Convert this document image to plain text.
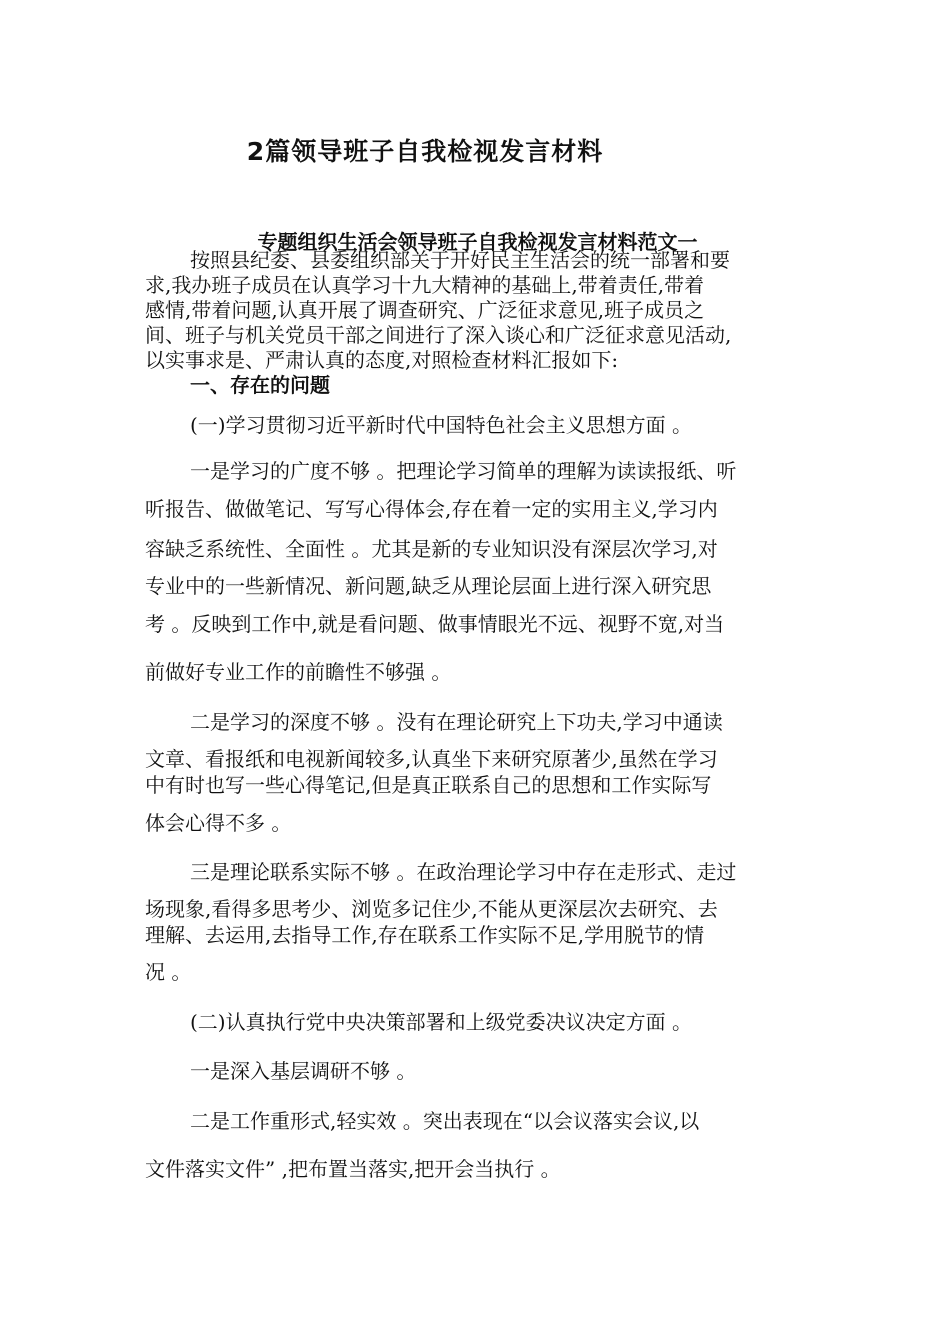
2篇领导班子自我检视发言材料
专题组织生活会领导班子自我检视发言材料范文一
按照县纪委、县委组织部关于开好民主生活会的统一部署和要
求,我办班子成员在认真学习十九大精神的基础上,带着责任,带着
感情,带着问题,认真开展了调查研究、广泛征求意见,班子成员之
间、班子与机关党员干部之间进行了深入谈心和广泛征求意见活动,
以实事求是、严肃认真的态度,对照检查材料汇报如下:
一、存在的问题
(一)学习贯彻习近平新时代中国特色社会主义思想方面 。
一是学习的广度不够 。把理论学习简单的理解为读读报纸、听
听报告、做做笔记、写写心得体会,存在着一定的实用主义,学习内
容缺乏系统性、全面性 。尤其是新的专业知识没有深层次学习,对
专业中的一些新情况、新问题,缺乏从理论层面上进行深入研究思
考 。反映到工作中,就是看问题、做事情眼光不远、视野不宽,对当
前做好专业工作的前瞻性不够强 。
二是学习的深度不够 。没有在理论研究上下功夫,学习中通读
文章、看报纸和电视新闻较多,认真坐下来研究原著少,虽然在学习
中有时也写一些心得笔记,但是真正联系自己的思想和工作实际写
体会心得不多 。
三是理论联系实际不够 。在政治理论学习中存在走形式、走过
场现象,看得多思考少、浏览多记住少,不能从更深层次去研究、去
理解、去运用,去指导工作,存在联系工作实际不足,学用脱节的情
况 。
(二)认真执行党中央决策部署和上级党委决议决定方面 。
一是深入基层调研不够 。
二是工作重形式,轻实效 。突出表现在“以会议落实会议,以
文件落实文件” ,把布置当落实,把开会当执行 。
